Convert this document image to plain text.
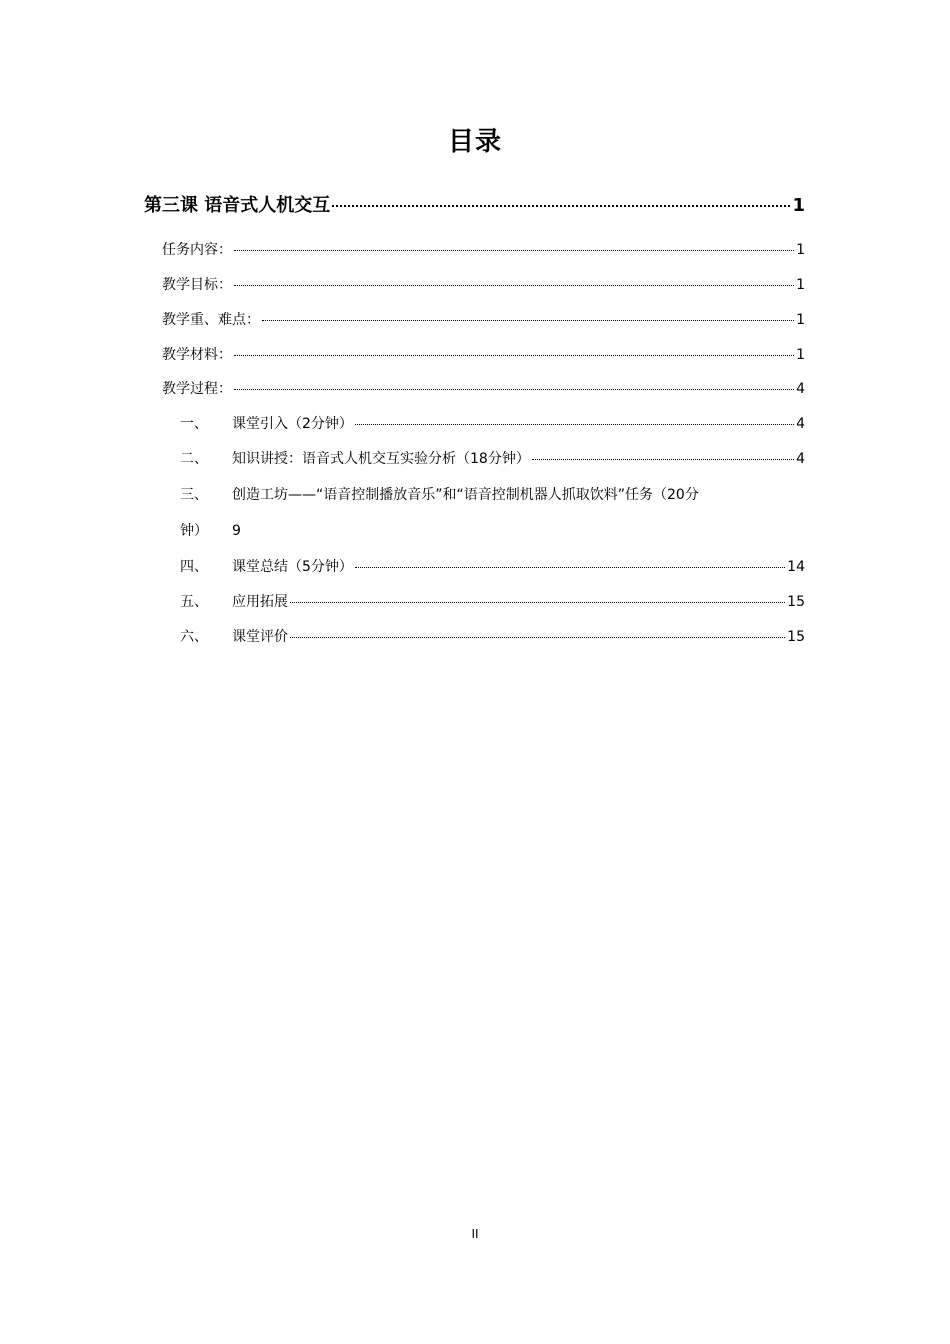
目录
第三课 语音式人机交互	1
任务内容：	1
教学目标：	1
教学重、难点：	1
教学材料：	1
教学过程：	4
一、	课堂引入（2分钟）	4
二、	知识讲授：语音式人机交互实验分析（18分钟）	4
三、 创造工坊——“语音控制播放音乐”和“语音控制机器人抓取饮料”任务（20分
钟） 9
四、	课堂总结（5分钟）	14
五、	应用拓展	15
六、	课堂评价	15
II
